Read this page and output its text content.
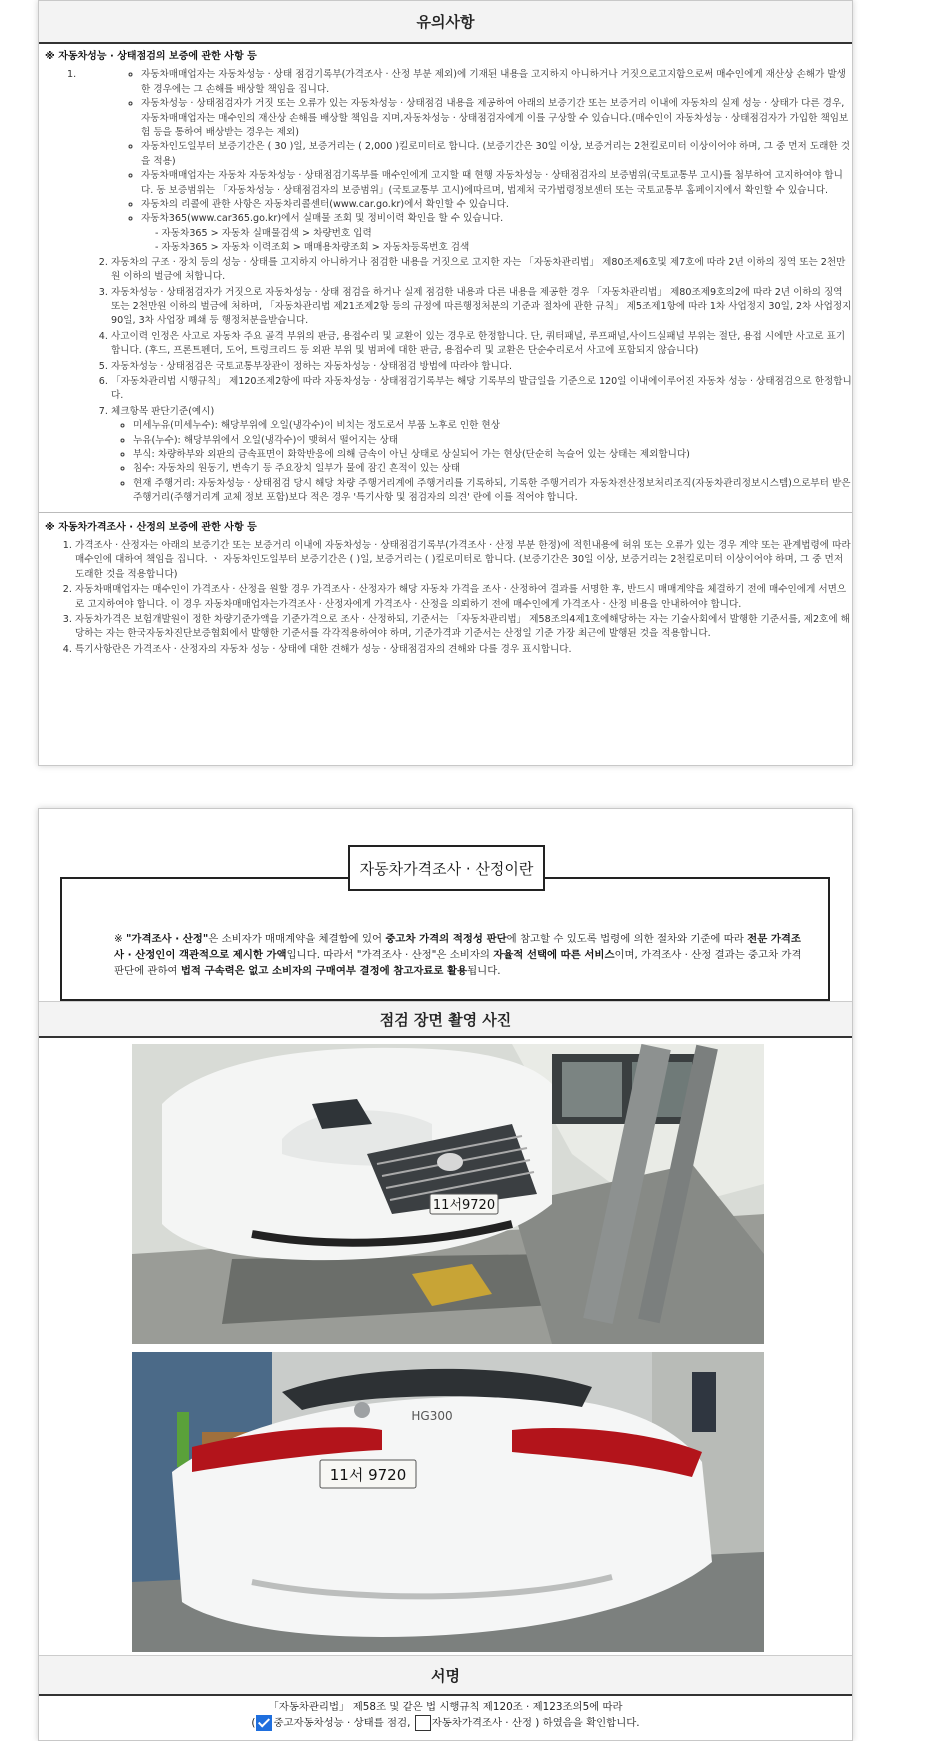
유의사항
※ 자동차성능 · 상태점검의 보증에 관한 사항 등
1.
◦	자동차매매업자는 자동차성능 · 상태 점검기록부(가격조사 · 산정 부분 제외)에 기재된 내용을 고지하지 아니하거나 거짓으로고지함으로써 매수인에게 재산상 손해가 발생한 경우에는 그 손해를 배상할 책임을 집니다.
◦ 자동차성능 · 상태점검자가 거짓 또는 오류가 있는 자동차성능 · 상태점검 내용을 제공하여 아래의 보증기간 또는 보증거리 이내에 자동차의 실제 성능 · 상태가 다른 경우, 자동차매매업자는 매수인의 재산상 손해를 배상할 책임을 지며,자동차성능 · 상태점검자에게 이를 구상할 수 있습니다.(매수인이 자동차성능 · 상태점검자가 가입한 책임보험 등을 통하여 배상받는 경우는 제외)
◦ 자동차인도일부터 보증기간은 ( 30 )일, 보증거리는 ( 2,000 )킬로미터로 합니다. (보증기간은 30일 이상, 보증거리는 2천킬로미터 이상이어야 하며, 그 중 먼저 도래한 것을 적용)
◦ 자동차매매업자는 자동차 자동차성능 · 상태점검기록부를 매수인에게 고지할 때 현행 자동차성능 · 상태점검자의 보증범위(국토교통부 고시)를 첨부하여 고지하여야 합니다. 동 보증범위는 「자동차성능 · 상태점검자의 보증범위」(국토교통부 고시)에따르며, 법제처 국가법령정보센터 또는 국토교통부 홈페이지에서 확인할 수 있습니다.
◦ 자동차의 리콜에 관한 사항은 자동차리콜센터(www.car.go.kr)에서 확인할 수 있습니다.
◦ 자동차365(www.car365.go.kr)에서 실매물 조회 및 정비이력 확인을 할 수 있습니다.
- 자동차365 > 자동차 실매물검색 > 차량번호 입력
- 자동차365 > 자동차 이력조회 > 매매용차량조회 > 자동차등록번호 검색
2. 자동차의 구조 · 장치 등의 성능 · 상태를 고지하지 아니하거나 점검한 내용을 거짓으로 고지한 자는 「자동차관리법」 제80조제6호및 제7호에 따라 2년 이하의 징역 또는 2천만원 이하의 벌금에 처합니다.
3. 자동차성능 · 상태점검자가 거짓으로 자동차성능 · 상태 점검을 하거나 실제 점검한 내용과 다른 내용을 제공한 경우 「자동차관리법」 제80조제9호의2에 따라 2년 이하의 징역 또는 2천만원 이하의 벌금에 처하며, 「자동차관리법 제21조제2항 등의 규정에 따른행정처분의 기준과 절차에 관한 규칙」 제5조제1항에 따라 1차 사업정지 30일, 2차 사업정지 90일, 3차 사업장 폐쇄 등 행정처분을받습니다.
4. 사고이력 인정은 사고로 자동차 주요 골격 부위의 판금, 용접수리 및 교환이 있는 경우로 한정합니다. 단, 쿼터패널, 루프패널,사이드실패널 부위는 절단, 용접 시에만 사고로 표기합니다. (후드, 프론트펜더, 도어, 트렁크리드 등 외판 부위 및 범퍼에 대한 판금, 용접수리 및 교환은 단순수리로서 사고에 포함되지 않습니다)
5. 자동차성능 · 상태점검은 국토교통부장관이 정하는 자동차성능 · 상태점검 방법에 따라야 합니다.
6. 「자동차관리법 시행규칙」 제120조제2항에 따라 자동차성능 · 상태점검기록부는 해당 기록부의 발급일을 기준으로 120일 이내에이루어진 자동차 성능 · 상태점검으로 한정합니다.
7. 체크항목 판단기준(예시)
◦ 미세누유(미세누수): 해당부위에 오일(냉각수)이 비치는 정도로서 부품 노후로 인한 현상
◦ 누유(누수): 해당부위에서 오일(냉각수)이 맺혀서 떨어지는 상태
◦ 부식: 차량하부와 외판의 금속표면이 화학반응에 의해 금속이 아닌 상태로 상실되어 가는 현상(단순히 녹슬어 있는 상태는 제외합니다)
◦ 침수: 자동차의 원동기, 변속기 등 주요장치 일부가 물에 잠긴 흔적이 있는 상태
◦ 현재 주행거리: 자동차성능 · 상태점검 당시 해당 차량 주행거리계에 주행거리를 기록하되, 기록한 주행거리가 자동차전산정보처리조직(자동차관리정보시스템)으로부터 받은 주행거리(주행거리계 교체 정보 포함)보다 적은 경우 '특기사항 및 점검자의 의견' 란에 이를 적어야 합니다.
※ 자동차가격조사 · 산정의 보증에 관한 사항 등
1. 가격조사 · 산정자는 아래의 보증기간 또는 보증거리 이내에 자동차성능 · 상태점검기록부(가격조사 · 산정 부분 한정)에 적힌내용에 허위 또는 오류가 있는 경우 계약 또는 관계법령에 따라 매수인에 대하여 책임을 집니다. ㆍ 자동차인도일부터 보증기간은 ( )일, 보증거리는 ( )킬로미터로 합니다. (보증기간은 30일 이상, 보증거리는 2천킬로미터 이상이어야 하며, 그 중 먼저 도래한 것을 적용합니다)
2. 자동차매매업자는 매수인이 가격조사 · 산정을 원할 경우 가격조사 · 산정자가 해당 자동차 가격을 조사 · 산정하여 결과를 서명한 후, 반드시 매매계약을 체결하기 전에 매수인에게 서면으로 고지하여야 합니다. 이 경우 자동차매매업자는가격조사 · 산정자에게 가격조사 · 산정을 의뢰하기 전에 매수인에게 가격조사 · 산정 비용을 안내하여야 합니다.
3. 자동차가격은 보험개발원이 정한 차량기준가액을 기준가격으로 조사 · 산정하되, 기준서는 「자동차관리법」 제58조의4제1호에해당하는 자는 기술사회에서 발행한 기준서를, 제2호에 해당하는 자는 한국자동차진단보증협회에서 발행한 기준서를 각각적용하여야 하며, 기준가격과 기준서는 산정일 기준 가장 최근에 발행된 것을 적용합니다.
4. 특기사항란은 가격조사 · 산정자의 자동차 성능 · 상태에 대한 견해가 성능 · 상태점검자의 견해와 다를 경우 표시합니다.
자동차가격조사 · 산정이란
※ "가격조사 · 산정"은 소비자가 매매계약을 체결함에 있어 중고차 가격의 적정성 판단에 참고할 수 있도록 법령에 의한 절차와 기준에 따라 전문 가격조사 · 산정인이 객관적으로 제시한 가액입니다. 따라서 "가격조사 · 산정"은 소비자의 자율적 선택에 따른 서비스이며, 가격조사 · 산정 결과는 중고차 가격판단에 관하여 법적 구속력은 없고 소비자의 구매여부 결정에 참고자료로 활용됩니다.
점검 장면 촬영 사진
11서9720
HG300
11서 9720
서명
「자동차관리법」 제58조 및 같은 법 시행규칙 제120조 · 제123조의5에 따라
( 중고자동차성능 · 상태를 점검, 자동차가격조사 · 산정 ) 하였음을 확인합니다.
